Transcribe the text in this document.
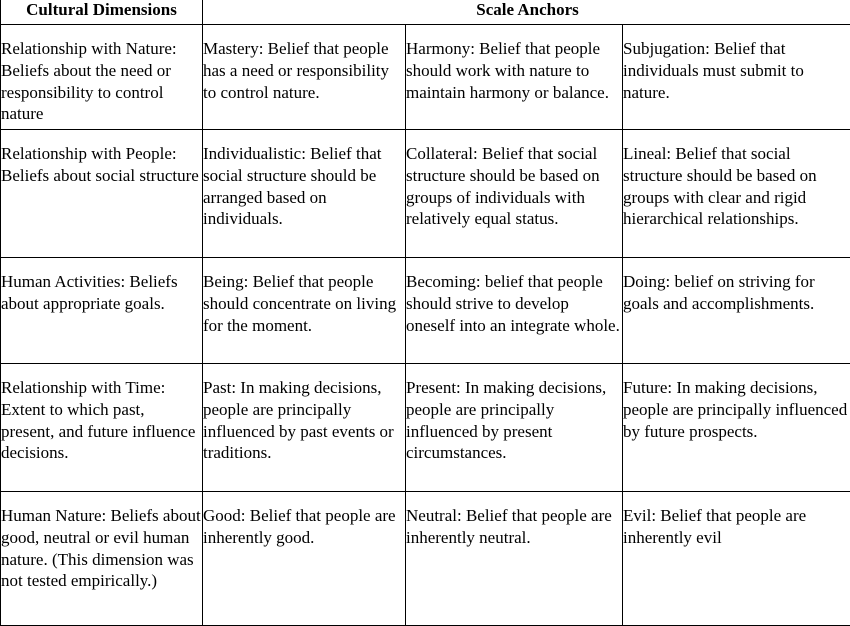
Cultural Dimensions	Scale Anchors		
Relationship with Nature: Beliefs about the need or responsibility to control nature	Mastery: Belief that people has a need or responsibility to control nature.	Harmony: Belief that people should work with nature to maintain harmony or balance.	Subjugation: Belief that individuals must submit to nature.
Relationship with People: Beliefs about social structure	Individualistic: Belief that social structure should be arranged based on individuals.	Collateral: Belief that social structure should be based on groups of individuals with relatively equal status.	Lineal: Belief that social structure should be based on groups with clear and rigid hierarchical relationships.
Human Activities: Beliefs about appropriate goals.	Being: Belief that people should concentrate on living for the moment.	Becoming: belief that people should strive to develop oneself into an integrate whole.	Doing: belief on striving for goals and accomplishments.
Relationship with Time: Extent to which past, present, and future influence decisions.	Past: In making decisions, people are principally influenced by past events or traditions.	Present: In making decisions, people are principally influenced by present circumstances.	Future: In making decisions, people are principally influenced by future prospects.
Human Nature: Beliefs about good, neutral or evil human nature. (This dimension was not tested empirically.)	Good: Belief that people are inherently good.	Neutral: Belief that people are inherently neutral.	Evil: Belief that people are inherently evil
